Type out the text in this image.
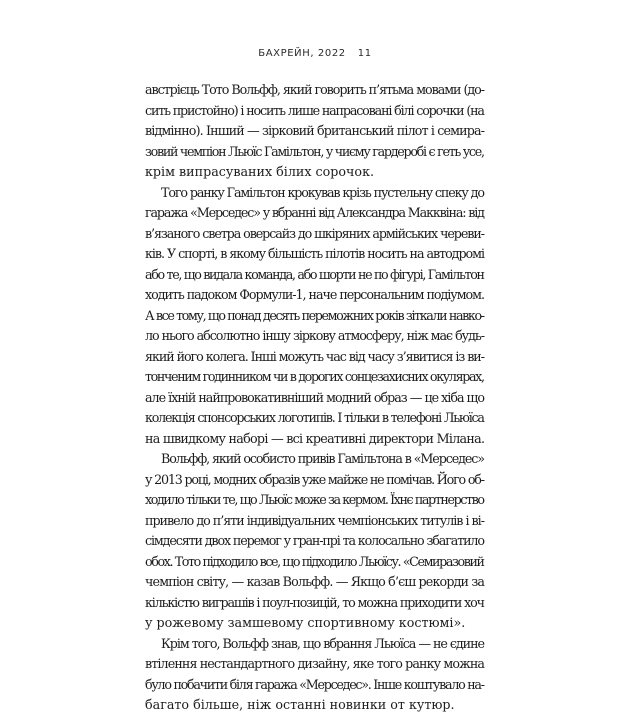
БАХРЕЙН, 2022 11
австрієць Тото Вольфф, який говорить п’ятьма мовами (до-
сить пристойно) і носить лише напрасовані білі сорочки (на
відмінно). Інший — зірковий британський пілот і семира-
зовий чемпіон Льюїс Гамільтон, у чиєму гардеробі є геть усе,
крім випрасуваних білих сорочок.
Того ранку Гамільтон крокував крізь пустельну спеку до
гаража «Мерседес» у вбранні від Александра Макквіна: від
в’язаного светра оверсайз до шкіряних армійських череви-
ків. У спорті, в якому більшість пілотів носить на автодромі
або те, що видала команда, або шорти не по фігурі, Гамільтон
ходить падоком Формули-1, наче персональним подіумом.
А все тому, що понад десять переможних років зіткали навко-
ло нього абсолютно іншу зіркову атмосферу, ніж має будь-
який його колега. Інші можуть час від часу з’явитися із ви-
тонченим годинником чи в дорогих сонцезахисних окулярах,
але їхній найпровокативніший модний образ — це хіба що
колекція спонсорських логотипів. І тільки в телефоні Льюїса
на швидкому наборі — всі креативні директори Мілана.
Вольфф, який особисто привів Гамільтона в «Мерседес»
у 2013 році, модних образів уже майже не помічав. Його об-
ходило тільки те, що Льюїс може за кермом. Їхнє партнерство
привело до п’яти індивідуальних чемпіонських титулів і ві-
сімдесяти двох перемог у гран-прі та колосально збагатило
обох. Тото підходило все, що підходило Льюїсу. «Семиразовий
чемпіон світу, — казав Вольфф. — Якщо б’єш рекорди за
кількістю виграшів і поул-позицій, то можна приходити хоч
у рожевому замшевому спортивному костюмі».
Крім того, Вольфф знав, що вбрання Льюїса — не єдине
втілення нестандартного дизайну, яке того ранку можна
було побачити біля гаража «Мерседес». Інше коштувало на-
багато більше, ніж останні новинки от кутюр.
